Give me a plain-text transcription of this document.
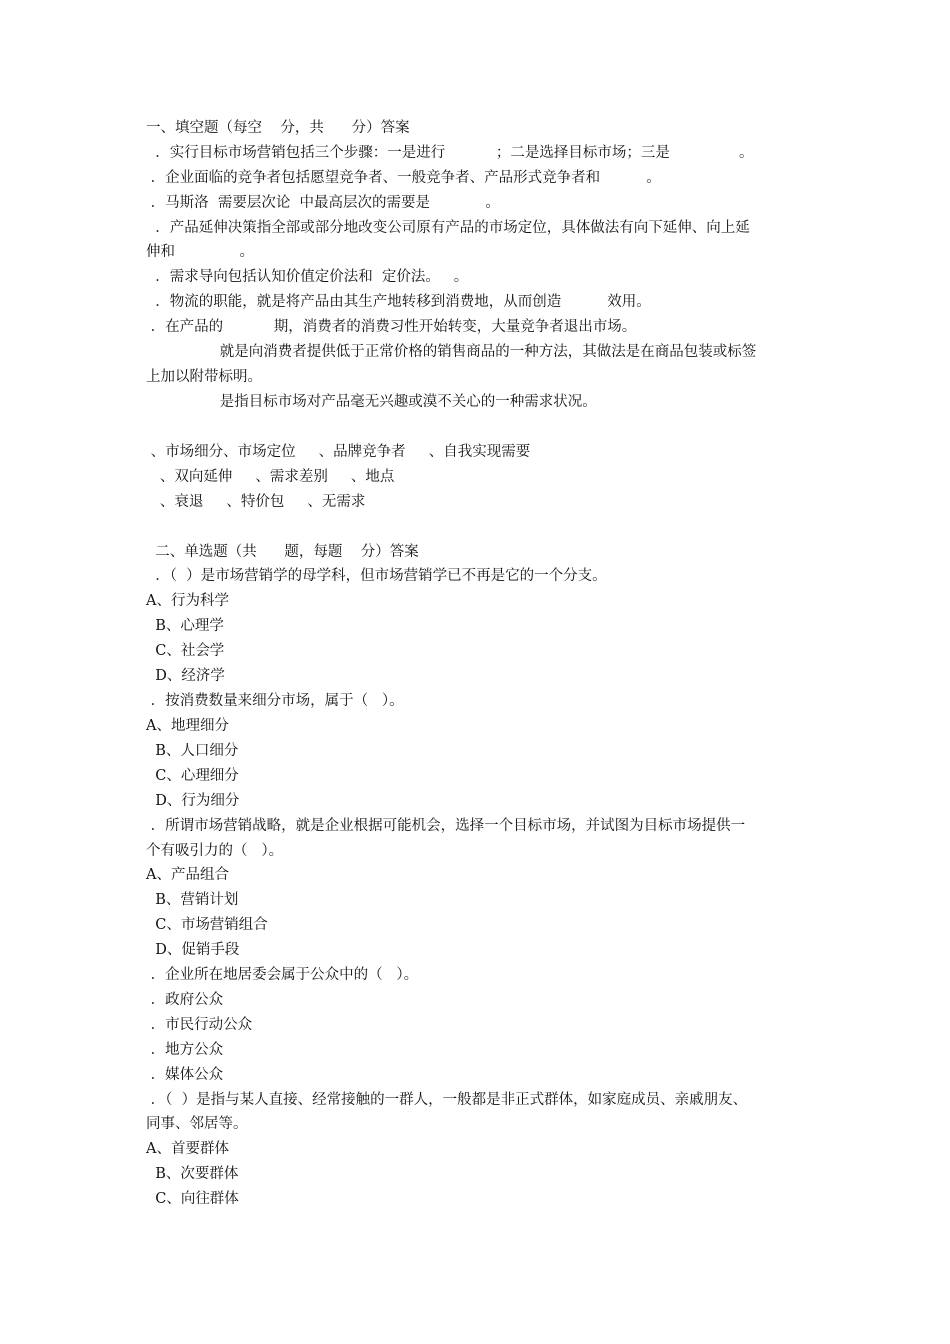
一、填空题（每空    分，共      分）答案

．实行目标市场营销包括三个步骤：一是进行           ；二是选择目标市场；三是               。

．企业面临的竞争者包括愿望竞争者、一般竞争者、产品形式竞争者和          。

．马斯洛  需要层次论  中最高层次的需要是            。

．产品延伸决策指全部或部分地改变公司原有产品的市场定位，具体做法有向下延伸、向上延

伸和              。

．需求导向包括认知价值定价法和  定价法。   。

．物流的职能，就是将产品由其生产地转移到消费地，从而创造          效用。

．在产品的           期，消费者的消费习性开始转变，大量竞争者退出市场。

就是向消费者提供低于正常价格的销售商品的一种方法，其做法是在商品包装或标签

上加以附带标明。

是指目标市场对产品毫无兴趣或漠不关心的一种需求状况。

、市场细分、市场定位     、品牌竞争者     、自我实现需要

、双向延伸     、需求差别     、地点

、衰退     、特价包     、无需求

二、单选题（共      题，每题    分）答案

．（  ）是市场营销学的母学科，但市场营销学已不再是它的一个分支。

A、行为科学

B、心理学

C、社会学

D、经济学

．按消费数量来细分市场，属于（   ）。

A、地理细分

B、人口细分

C、心理细分

D、行为细分

．所谓市场营销战略，就是企业根据可能机会，选择一个目标市场，并试图为目标市场提供一

个有吸引力的（   ）。

A、产品组合

B、营销计划

C、市场营销组合

D、促销手段

．企业所在地居委会属于公众中的（   ）。

．政府公众

．市民行动公众

．地方公众

．媒体公众

．（  ）是指与某人直接、经常接触的一群人，一般都是非正式群体，如家庭成员、亲戚朋友、

同事、邻居等。

A、首要群体

B、次要群体

C、向往群体
